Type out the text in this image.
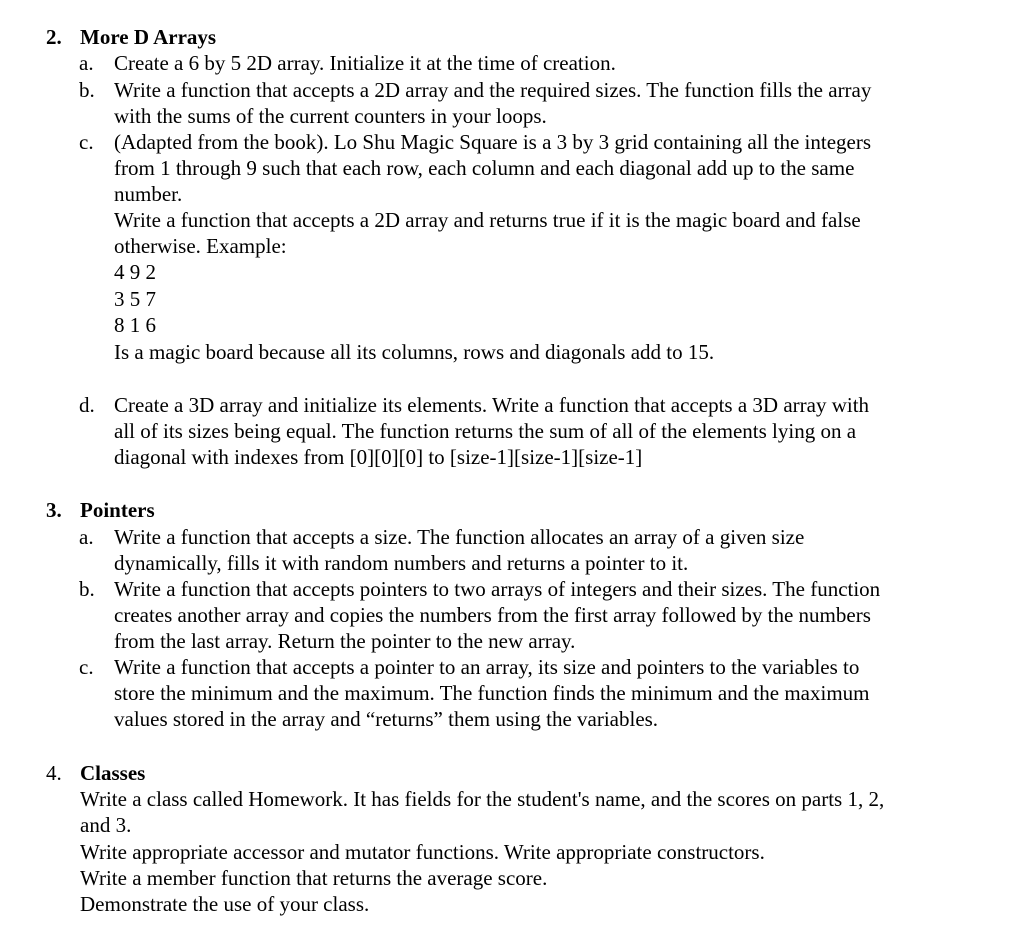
2. More D Arrays
a. Create a 6 by 5 2D array. Initialize it at the time of creation.
b. Write a function that accepts a 2D array and the required sizes. The function fills the array
with the sums of the current counters in your loops.
c. (Adapted from the book). Lo Shu Magic Square is a 3 by 3 grid containing all the integers
from 1 through 9 such that each row, each column and each diagonal add up to the same
number.
Write a function that accepts a 2D array and returns true if it is the magic board and false
otherwise. Example:
4 9 2
3 5 7
8 1 6
Is a magic board because all its columns, rows and diagonals add to 15.
d. Create a 3D array and initialize its elements. Write a function that accepts a 3D array with
all of its sizes being equal. The function returns the sum of all of the elements lying on a
diagonal with indexes from [0][0][0] to [size-1][size-1][size-1]
3. Pointers
a. Write a function that accepts a size. The function allocates an array of a given size
dynamically, fills it with random numbers and returns a pointer to it.
b. Write a function that accepts pointers to two arrays of integers and their sizes. The function
creates another array and copies the numbers from the first array followed by the numbers
from the last array. Return the pointer to the new array.
c. Write a function that accepts a pointer to an array, its size and pointers to the variables to
store the minimum and the maximum. The function finds the minimum and the maximum
values stored in the array and “returns” them using the variables.
4. Classes
Write a class called Homework. It has fields for the student's name, and the scores on parts 1, 2,
and 3.
Write appropriate accessor and mutator functions. Write appropriate constructors.
Write a member function that returns the average score.
Demonstrate the use of your class.
